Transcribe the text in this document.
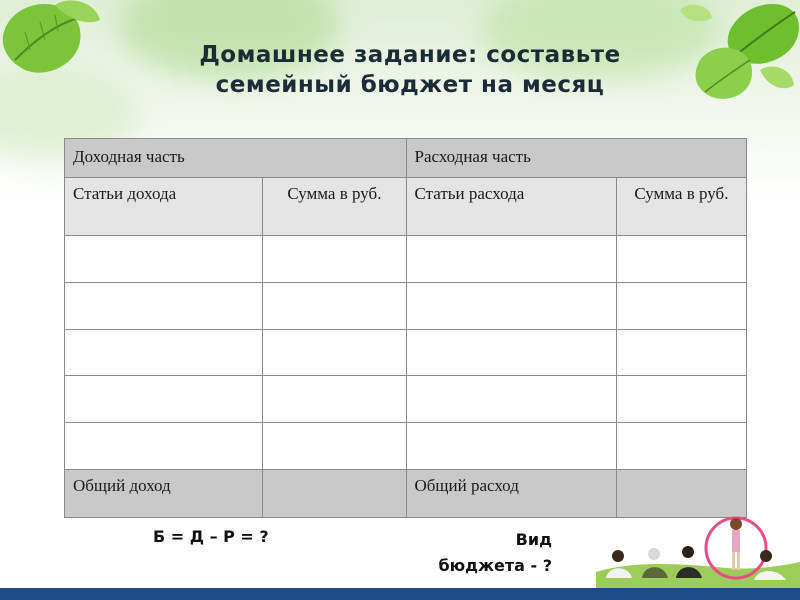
Домашнее задание: составьте
семейный бюджет на месяц
Доходная часть		Расходная часть	
Статьи дохода	Сумма в руб.	Статьи расхода	Сумма в руб.

Общий доход		Общий расход	
Б = Д – Р = ?	Вид
бюджета - ?
